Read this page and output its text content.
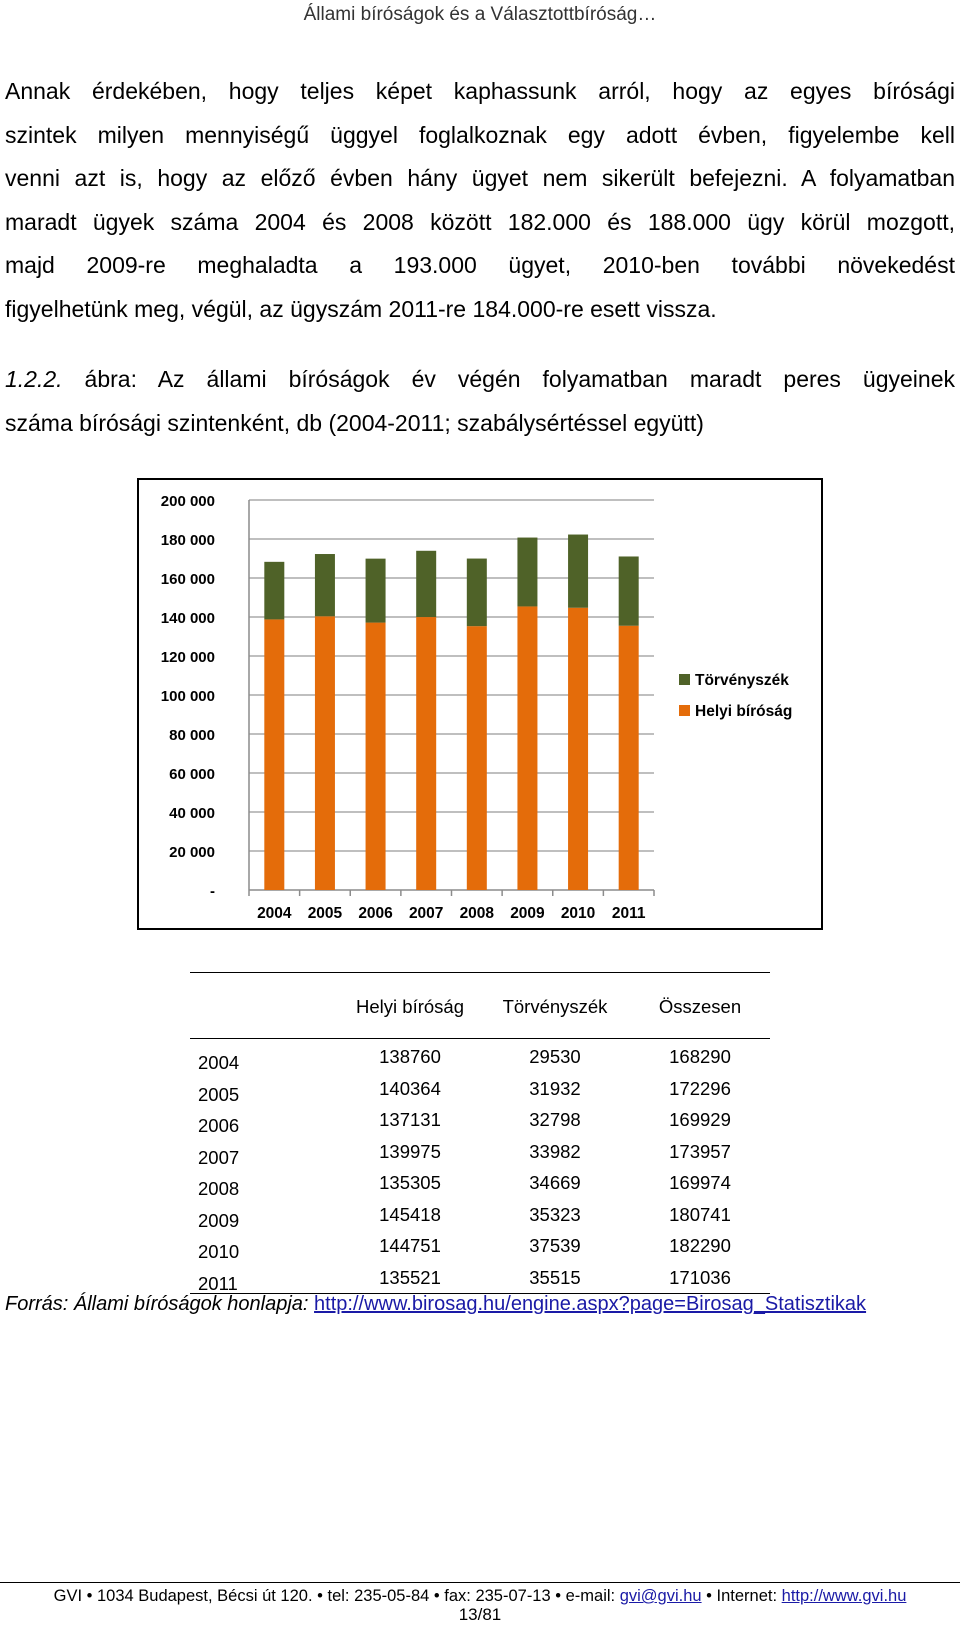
Állami bíróságok és a Választottbíróság…
Annak érdekében, hogy teljes képet kaphassunk arról, hogy az egyes bírósági
szintek milyen mennyiségű üggyel foglalkoznak egy adott évben, figyelembe kell
venni azt is, hogy az előző évben hány ügyet nem sikerült befejezni. A folyamatban
maradt ügyek száma 2004 és 2008 között 182.000 és 188.000 ügy körül mozgott,
majd 2009-re meghaladta a 193.000 ügyet, 2010-ben további növekedést
figyelhetünk meg, végül, az ügyszám 2011-re 184.000-re esett vissza.
1.2.2. ábra: Az állami bíróságok év végén folyamatban maradt peres ügyeinek
száma bírósági szintenként, db (2004-2011; szabálysértéssel együtt)
-
20 000
40 000
60 000
80 000
100 000
120 000
140 000
160 000
180 000
200 000
2004 2005 2006 2007 2008 2009 2010 2011
Törvényszék
Helyi bíróság
Helyi bíróság	Törvényszék	Összesen
2004	138760	29530	168290
2005	140364	31932	172296
2006	137131	32798	169929
2007	139975	33982	173957
2008	135305	34669	169974
2009	145418	35323	180741
2010	144751	37539	182290
2011	135521	35515	171036
Forrás: Állami bíróságok honlapja: http://www.birosag.hu/engine.aspx?page=Birosag_Statisztikak
GVI • 1034 Budapest, Bécsi út 120. • tel: 235-05-84 • fax: 235-07-13 • e-mail: gvi@gvi.hu • Internet: http://www.gvi.hu
13/81
